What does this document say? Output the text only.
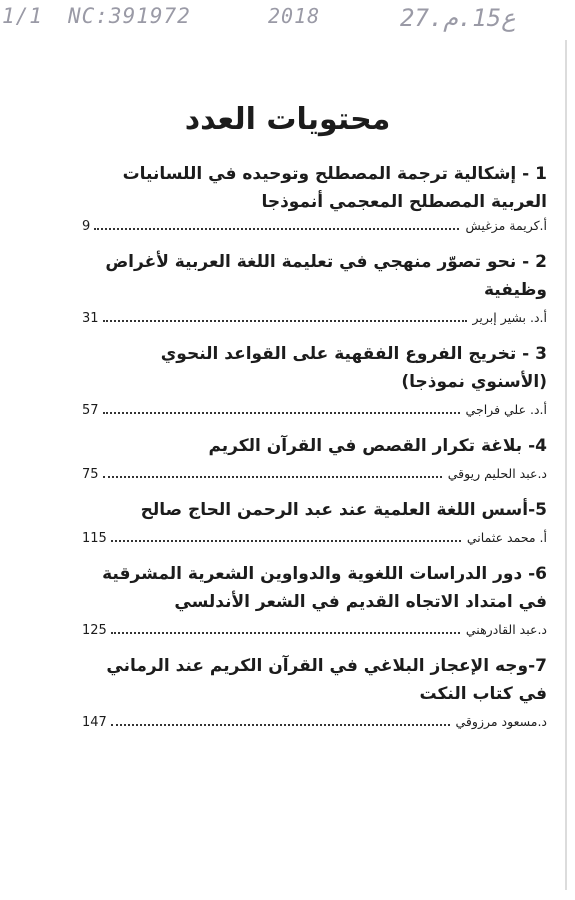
1/1 NC:391972	2018	27.ع15.م
محتويات العدد
1 - إشكالية ترجمة المصطلح وتوحيده في اللسانيات العربية المصطلح المعجمي أنموذجا
أ.كريمة مزغيش
9
2 - نحو تصوّر منهجي في تعليمة اللغة العربية لأغراض وظيفية
أ.د. بشير إبرير
31
3 - تخريج الفروع الفقهية على القواعد النحوي (الأسنوي نموذجا)
أ.د. علي فراجي
57
4- بلاغة تكرار القصص في القرآن الكريم
د.عبد الحليم ريوقي
75
5-أسس اللغة العلمية عند عبد الرحمن الحاج صالح
أ. محمد عثماني
115
6- دور الدراسات اللغوية والدواوين الشعرية المشرقية في امتداد الاتجاه القديم في الشعر الأندلسي
د.عبد القادرهني
125
7-وجه الإعجاز البلاغي في القرآن الكريم عند الرماني في كتاب النكت
د.مسعود مرزوقي
147
